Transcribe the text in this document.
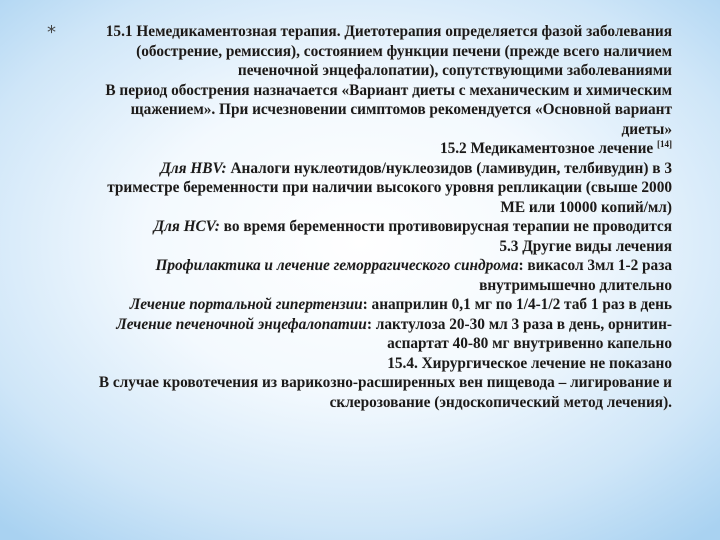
*	15.1 Немедикаментозная терапия. Диетотерапия определяется фазой заболевания
(обострение, ремиссия), состоянием функции печени (прежде всего наличием
печеночной энцефалопатии), сопутствующими заболеваниями
В период обострения назначается «Вариант диеты с механическим и химическим
щажением». При исчезновении симптомов рекомендуется «Основной вариант
диеты»
15.2 Медикаментозное лечение [14]
Для HBV: Аналоги нуклеотидов/нуклеозидов (ламивудин, телбивудин) в 3
триместре беременности при наличии высокого уровня репликации (свыше 2000
МЕ или 10000 копий/мл)
Для HCV: во время беременности противовирусная терапии не проводится
5.3 Другие виды лечения
Профилактика и лечение геморрагического синдрома: викасол 3мл 1-2 раза
внутримышечно длительно
Лечение портальной гипертензии: анаприлин 0,1 мг по 1/4-1/2 таб 1 раз в день
Лечение печеночной энцефалопатии: лактулоза 20-30 мл 3 раза в день, орнитин-
аспартат 40-80 мг внутривенно капельно
15.4. Хирургическое лечение не показано
В случае кровотечения из варикозно-расширенных вен пищевода – лигирование и
склерозование (эндоскопический метод лечения).
